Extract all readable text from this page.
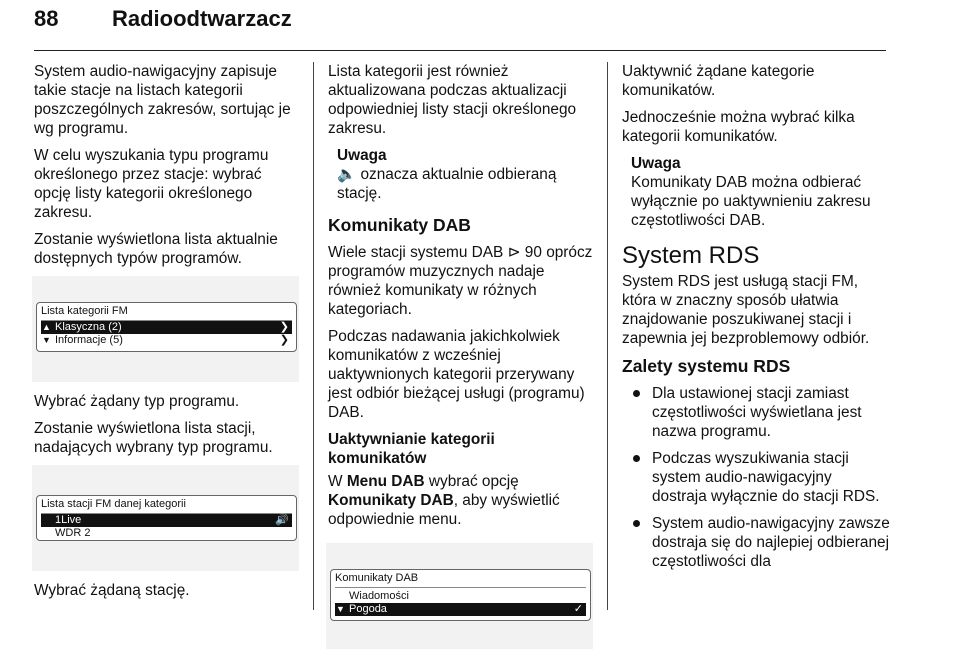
88 Radioodtwarzacz

System audio-nawigacyjny zapisuje takie stacje na listach kategorii poszczególnych zakresów, sortując je wg programu.

W celu wyszukania typu programu określonego przez stacje: wybrać opcję listy kategorii określonego zakresu.

Zostanie wyświetlona lista aktualnie dostępnych typów programów.

Lista kategorii FM
▲ Klasyczna (2)	❯
▼ Informacje (5)	❯

Wybrać żądany typ programu.

Zostanie wyświetlona lista stacji, nadających wybrany typ programu.

Lista stacji FM danej kategorii
1Live	🔊
WDR 2

Wybrać żądaną stację.

Lista kategorii jest również aktualizowana podczas aktualizacji odpowiedniej listy stacji określonego zakresu.

Uwaga
🔈 oznacza aktualnie odbieraną stację.
Komunikaty DAB

Wiele stacji systemu DAB ⊳ 90 oprócz programów muzycznych nadaje również komunikaty w różnych kategoriach.

Podczas nadawania jakichkolwiek komunikatów z wcześniej uaktywnionych kategorii przerywany jest odbiór bieżącej usługi (programu) DAB.

Uaktywnianie kategorii komunikatów

W Menu DAB wybrać opcję Komunikaty DAB, aby wyświetlić odpowiednie menu.

Komunikaty DAB
Wiadomości
▼ Pogoda	✓

Uaktywnić żądane kategorie komunikatów.

Jednocześnie można wybrać kilka kategorii komunikatów.

Uwaga
Komunikaty DAB można odbierać wyłącznie po uaktywnieniu zakresu częstotliwości DAB.
System RDS

System RDS jest usługą stacji FM, która w znaczny sposób ułatwia znajdowanie poszukiwanej stacji i zapewnia jej bezproblemowy odbiór.

Zalety systemu RDS
Dla ustawionej stacji zamiast częstotliwości wyświetlana jest nazwa programu.
Podczas wyszukiwania stacji system audio-nawigacyjny dostraja wyłącznie do stacji RDS.
System audio-nawigacyjny zawsze dostraja się do najlepiej odbieranej częstotliwości dla
